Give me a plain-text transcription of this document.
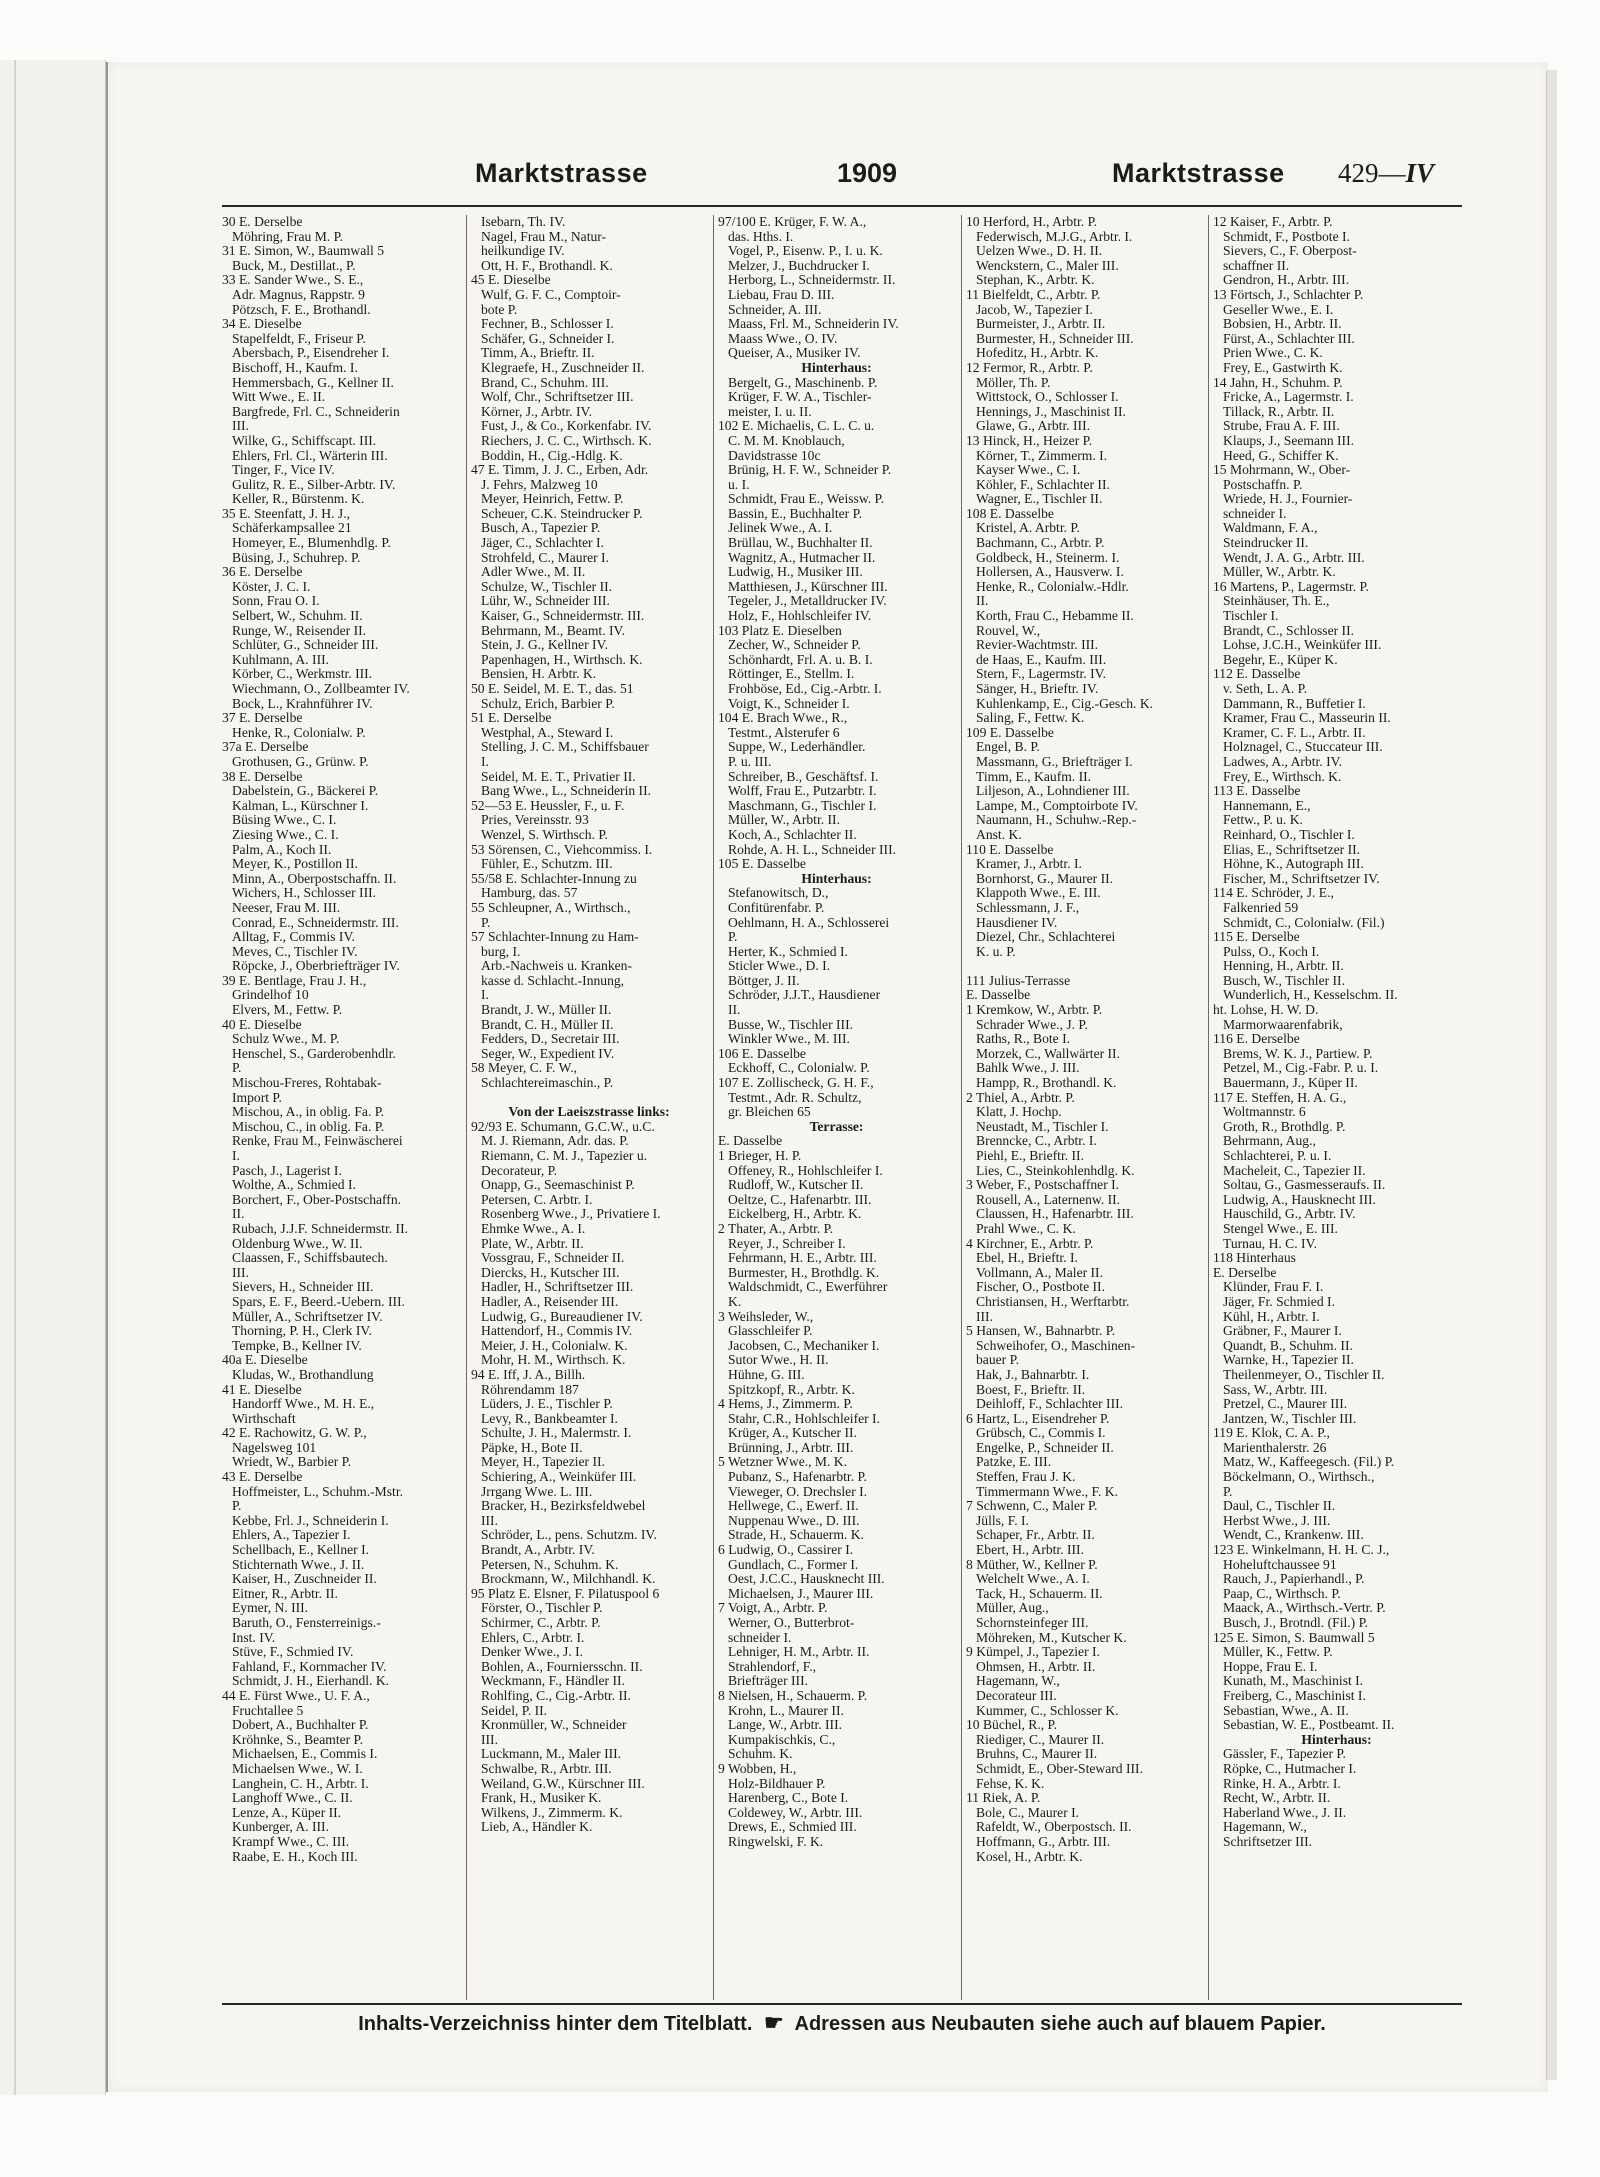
Marktstrasse	1909	Marktstrasse 429—IV
30 E. Derselbe
Möhring, Frau M. P.
31 E. Simon, W., Baumwall 5
Buck, M., Destillat., P.
33 E. Sander Wwe., S. E.,
Adr. Magnus, Rappstr. 9
Pötzsch, F. E., Brothandl.
34 E. Dieselbe
Stapelfeldt, F., Friseur P.
Abersbach, P., Eisendreher I.
Bischoff, H., Kaufm. I.
Hemmersbach, G., Kellner II.
Witt Wwe., E. II.
Bargfrede, Frl. C., Schneiderin
III.
Wilke, G., Schiffscapt. III.
Ehlers, Frl. Cl., Wärterin III.
Tinger, F., Vice IV.
Gulitz, R. E., Silber-Arbtr. IV.
Keller, R., Bürstenm. K.
35 E. Steenfatt, J. H. J.,
Schäferkampsallee 21
Homeyer, E., Blumenhdlg. P.
Büsing, J., Schuhrep. P.
36 E. Derselbe
Köster, J. C. I.
Sonn, Frau O. I.
Selbert, W., Schuhm. II.
Runge, W., Reisender II.
Schlüter, G., Schneider III.
Kuhlmann, A. III.
Körber, C., Werkmstr. III.
Wiechmann, O., Zollbeamter IV.
Bock, L., Krahnführer IV.
37 E. Derselbe
Henke, R., Colonialw. P.
37a E. Derselbe
Grothusen, G., Grünw. P.
38 E. Derselbe
Dabelstein, G., Bäckerei P.
Kalman, L., Kürschner I.
Büsing Wwe., C. I.
Ziesing Wwe., C. I.
Palm, A., Koch II.
Meyer, K., Postillon II.
Minn, A., Oberpostschaffn. II.
Wichers, H., Schlosser III.
Neeser, Frau M. III.
Conrad, E., Schneidermstr. III.
Alltag, F., Commis IV.
Meves, C., Tischler IV.
Röpcke, J., Oberbriefträger IV.
39 E. Bentlage, Frau J. H.,
Grindelhof 10
Elvers, M., Fettw. P.
40 E. Dieselbe
Schulz Wwe., M. P.
Henschel, S., Garderobenhdlr.
P.
Mischou-Freres, Rohtabak-
Import P.
Mischou, A., in oblig. Fa. P.
Mischou, C., in oblig. Fa. P.
Renke, Frau M., Feinwäscherei
I.
Pasch, J., Lagerist I.
Wolthe, A., Schmied I.
Borchert, F., Ober-Postschaffn.
II.
Rubach, J.J.F. Schneidermstr. II.
Oldenburg Wwe., W. II.
Claassen, F., Schiffsbautech.
III.
Sievers, H., Schneider III.
Spars, E. F., Beerd.-Uebern. III.
Müller, A., Schriftsetzer IV.
Thorning, P. H., Clerk IV.
Tempke, B., Kellner IV.
40a E. Dieselbe
Kludas, W., Brothandlung
41 E. Dieselbe
Handorff Wwe., M. H. E.,
Wirthschaft
42 E. Rachowitz, G. W. P.,
Nagelsweg 101
Wriedt, W., Barbier P.
43 E. Derselbe
Hoffmeister, L., Schuhm.-Mstr.
P.
Kebbe, Frl. J., Schneiderin I.
Ehlers, A., Tapezier I.
Schellbach, E., Kellner I.
Stichternath Wwe., J. II.
Kaiser, H., Zuschneider II.
Eitner, R., Arbtr. II.
Eymer, N. III.
Baruth, O., Fensterreinigs.-
Inst. IV.
Stüve, F., Schmied IV.
Fahland, F., Kornmacher IV.
Schmidt, J. H., Eierhandl. K.
44 E. Fürst Wwe., U. F. A.,
Fruchtallee 5
Dobert, A., Buchhalter P.
Kröhnke, S., Beamter P.
Michaelsen, E., Commis I.
Michaelsen Wwe., W. I.
Langhein, C. H., Arbtr. I.
Langhoff Wwe., C. II.
Lenze, A., Küper II.
Kunberger, A. III.
Krampf Wwe., C. III.
Raabe, E. H., Koch III.
Isebarn, Th. IV.
Nagel, Frau M., Natur-
heilkundige IV.
Ott, H. F., Brothandl. K.
45 E. Dieselbe
Wulf, G. F. C., Comptoir-
bote P.
Fechner, B., Schlosser I.
Schäfer, G., Schneider I.
Timm, A., Brieftr. II.
Klegraefe, H., Zuschneider II.
Brand, C., Schuhm. III.
Wolf, Chr., Schriftsetzer III.
Körner, J., Arbtr. IV.
Fust, J., & Co., Korkenfabr. IV.
Riechers, J. C. C., Wirthsch. K.
Boddin, H., Cig.-Hdlg. K.
47 E. Timm, J. J. C., Erben, Adr.
J. Fehrs, Malzweg 10
Meyer, Heinrich, Fettw. P.
Scheuer, C.K. Steindrucker P.
Busch, A., Tapezier P.
Jäger, C., Schlachter I.
Strohfeld, C., Maurer I.
Adler Wwe., M. II.
Schulze, W., Tischler II.
Lühr, W., Schneider III.
Kaiser, G., Schneidermstr. III.
Behrmann, M., Beamt. IV.
Stein, J. G., Kellner IV.
Papenhagen, H., Wirthsch. K.
Bensien, H. Arbtr. K.
50 E. Seidel, M. E. T., das. 51
Schulz, Erich, Barbier P.
51 E. Derselbe
Westphal, A., Steward I.
Stelling, J. C. M., Schiffsbauer
I.
Seidel, M. E. T., Privatier II.
Bang Wwe., L., Schneiderin II.
52—53 E. Heussler, F., u. F.
Pries, Vereinsstr. 93
Wenzel, S. Wirthsch. P.
53 Sörensen, C., Viehcommiss. I.
Fühler, E., Schutzm. III.
55/58 E. Schlachter-Innung zu
Hamburg, das. 57
55 Schleupner, A., Wirthsch.,
P.
57 Schlachter-Innung zu Ham-
burg, I.
Arb.-Nachweis u. Kranken-
kasse d. Schlacht.-Innung,
I.
Brandt, J. W., Müller II.
Brandt, C. H., Müller II.
Fedders, D., Secretair III.
Seger, W., Expedient IV.
58 Meyer, C. F. W.,
Schlachtereimaschin., P.
Von der Laeiszstrasse links:
92/93 E. Schumann, G.C.W., u.C.
M. J. Riemann, Adr. das. P.
Riemann, C. M. J., Tapezier u.
Decorateur, P.
Onapp, G., Seemaschinist P.
Petersen, C. Arbtr. I.
Rosenberg Wwe., J., Privatiere I.
Ehmke Wwe., A. I.
Plate, W., Arbtr. II.
Vossgrau, F., Schneider II.
Diercks, H., Kutscher III.
Hadler, H., Schriftsetzer III.
Hadler, A., Reisender III.
Ludwig, G., Bureaudiener IV.
Hattendorf, H., Commis IV.
Meier, J. H., Colonialw. K.
Mohr, H. M., Wirthsch. K.
94 E. Iff, J. A., Billh.
Röhrendamm 187
Lüders, J. E., Tischler P.
Levy, R., Bankbeamter I.
Schulte, J. H., Malermstr. I.
Päpke, H., Bote II.
Meyer, H., Tapezier II.
Schiering, A., Weinküfer III.
Jrrgang Wwe. L. III.
Bracker, H., Bezirksfeldwebel
III.
Schröder, L., pens. Schutzm. IV.
Brandt, A., Arbtr. IV.
Petersen, N., Schuhm. K.
Brockmann, W., Milchhandl. K.
95 Platz E. Elsner, F. Pilatuspool 6
Förster, O., Tischler P.
Schirmer, C., Arbtr. P.
Ehlers, C., Arbtr. I.
Denker Wwe., J. I.
Bohlen, A., Fourniersschn. II.
Weckmann, F., Händler II.
Rohlfing, C., Cig.-Arbtr. II.
Seidel, P. II.
Kronmüller, W., Schneider
III.
Luckmann, M., Maler III.
Schwalbe, R., Arbtr. III.
Weiland, G.W., Kürschner III.
Frank, H., Musiker K.
Wilkens, J., Zimmerm. K.
Lieb, A., Händler K.
97/100 E. Krüger, F. W. A.,
das. Hths. I.
Vogel, P., Eisenw. P., I. u. K.
Melzer, J., Buchdrucker I.
Herborg, L., Schneidermstr. II.
Liebau, Frau D. III.
Schneider, A. III.
Maass, Frl. M., Schneiderin IV.
Maass Wwe., O. IV.
Queiser, A., Musiker IV.
Hinterhaus:
Bergelt, G., Maschinenb. P.
Krüger, F. W. A., Tischler-
meister, I. u. II.
102 E. Michaelis, C. L. C. u.
C. M. M. Knoblauch,
Davidstrasse 10c
Brünig, H. F. W., Schneider P.
u. I.
Schmidt, Frau E., Weissw. P.
Bassin, E., Buchhalter P.
Jelinek Wwe., A. I.
Brüllau, W., Buchhalter II.
Wagnitz, A., Hutmacher II.
Ludwig, H., Musiker III.
Matthiesen, J., Kürschner III.
Tegeler, J., Metalldrucker IV.
Holz, F., Hohlschleifer IV.
103 Platz E. Dieselben
Zecher, W., Schneider P.
Schönhardt, Frl. A. u. B. I.
Röttinger, E., Stellm. I.
Frohböse, Ed., Cig.-Arbtr. I.
Voigt, K., Schneider I.
104 E. Brach Wwe., R.,
Testmt., Alsterufer 6
Suppe, W., Lederhändler.
P. u. III.
Schreiber, B., Geschäftsf. I.
Wolff, Frau E., Putzarbtr. I.
Maschmann, G., Tischler I.
Müller, W., Arbtr. II.
Koch, A., Schlachter II.
Rohde, A. H. L., Schneider III.
105 E. Dasselbe
Hinterhaus:
Stefanowitsch, D.,
Confitürenfabr. P.
Oehlmann, H. A., Schlosserei
P.
Herter, K., Schmied I.
Sticler Wwe., D. I.
Böttger, J. II.
Schröder, J.J.T., Hausdiener
II.
Busse, W., Tischler III.
Winkler Wwe., M. III.
106 E. Dasselbe
Eckhoff, C., Colonialw. P.
107 E. Zollischeck, G. H. F.,
Testmt., Adr. R. Schultz,
gr. Bleichen 65
Terrasse:
E. Dasselbe
1 Brieger, H. P.
Offeney, R., Hohlschleifer I.
Rudloff, W., Kutscher II.
Oeltze, C., Hafenarbtr. III.
Eickelberg, H., Arbtr. K.
2 Thater, A., Arbtr. P.
Reyer, J., Schreiber I.
Fehrmann, H. E., Arbtr. III.
Burmester, H., Brothdlg. K.
Waldschmidt, C., Ewerführer
K.
3 Weihsleder, W.,
Glasschleifer P.
Jacobsen, C., Mechaniker I.
Sutor Wwe., H. II.
Hühne, G. III.
Spitzkopf, R., Arbtr. K.
4 Hems, J., Zimmerm. P.
Stahr, C.R., Hohlschleifer I.
Krüger, A., Kutscher II.
Brünning, J., Arbtr. III.
5 Wetzner Wwe., M. K.
Pubanz, S., Hafenarbtr. P.
Vieweger, O. Drechsler I.
Hellwege, C., Ewerf. II.
Nuppenau Wwe., D. III.
Strade, H., Schauerm. K.
6 Ludwig, O., Cassirer I.
Gundlach, C., Former I.
Oest, J.C.C., Hausknecht III.
Michaelsen, J., Maurer III.
7 Voigt, A., Arbtr. P.
Werner, O., Butterbrot-
schneider I.
Lehniger, H. M., Arbtr. II.
Strahlendorf, F.,
Briefträger III.
8 Nielsen, H., Schauerm. P.
Krohn, L., Maurer II.
Lange, W., Arbtr. III.
Kumpakischkis, C.,
Schuhm. K.
9 Wobben, H.,
Holz-Bildhauer P.
Harenberg, C., Bote I.
Coldewey, W., Arbtr. III.
Drews, E., Schmied III.
Ringwelski, F. K.
10 Herford, H., Arbtr. P.
Federwisch, M.J.G., Arbtr. I.
Uelzen Wwe., D. H. II.
Wenckstern, C., Maler III.
Stephan, K., Arbtr. K.
11 Bielfeldt, C., Arbtr. P.
Jacob, W., Tapezier I.
Burmeister, J., Arbtr. II.
Burmester, H., Schneider III.
Hofeditz, H., Arbtr. K.
12 Fermor, R., Arbtr. P.
Möller, Th. P.
Wittstock, O., Schlosser I.
Hennings, J., Maschinist II.
Glawe, G., Arbtr. III.
13 Hinck, H., Heizer P.
Körner, T., Zimmerm. I.
Kayser Wwe., C. I.
Köhler, F., Schlachter II.
Wagner, E., Tischler II.
108 E. Dasselbe
Kristel, A. Arbtr. P.
Bachmann, C., Arbtr. P.
Goldbeck, H., Steinerm. I.
Hollersen, A., Hausverw. I.
Henke, R., Colonialw.-Hdlr.
II.
Korth, Frau C., Hebamme II.
Rouvel, W.,
Revier-Wachtmstr. III.
de Haas, E., Kaufm. III.
Stern, F., Lagermstr. IV.
Sänger, H., Brieftr. IV.
Kuhlenkamp, E., Cig.-Gesch. K.
Saling, F., Fettw. K.
109 E. Dasselbe
Engel, B. P.
Massmann, G., Briefträger I.
Timm, E., Kaufm. II.
Liljeson, A., Lohndiener III.
Lampe, M., Comptoirbote IV.
Naumann, H., Schuhw.-Rep.-
Anst. K.
110 E. Dasselbe
Kramer, J., Arbtr. I.
Bornhorst, G., Maurer II.
Klappoth Wwe., E. III.
Schlessmann, J. F.,
Hausdiener IV.
Diezel, Chr., Schlachterei
K. u. P.
111 Julius-Terrasse
E. Dasselbe
1 Kremkow, W., Arbtr. P.
Schrader Wwe., J. P.
Raths, R., Bote I.
Morzek, C., Wallwärter II.
Bahlk Wwe., J. III.
Hampp, R., Brothandl. K.
2 Thiel, A., Arbtr. P.
Klatt, J. Hochp.
Neustadt, M., Tischler I.
Brenncke, C., Arbtr. I.
Piehl, E., Brieftr. II.
Lies, C., Steinkohlenhdlg. K.
3 Weber, F., Postschaffner I.
Rousell, A., Laternenw. II.
Claussen, H., Hafenarbtr. III.
Prahl Wwe., C. K.
4 Kirchner, E., Arbtr. P.
Ebel, H., Brieftr. I.
Vollmann, A., Maler II.
Fischer, O., Postbote II.
Christiansen, H., Werftarbtr.
III.
5 Hansen, W., Bahnarbtr. P.
Schweihofer, O., Maschinen-
bauer P.
Hak, J., Bahnarbtr. I.
Boest, F., Brieftr. II.
Deihloff, F., Schlachter III.
6 Hartz, L., Eisendreher P.
Grübsch, C., Commis I.
Engelke, P., Schneider II.
Patzke, E. III.
Steffen, Frau J. K.
Timmermann Wwe., F. K.
7 Schwenn, C., Maler P.
Jülls, F. I.
Schaper, Fr., Arbtr. II.
Ebert, H., Arbtr. III.
8 Müther, W., Kellner P.
Welchelt Wwe., A. I.
Tack, H., Schauerm. II.
Müller, Aug.,
Schornsteinfeger III.
Möhreken, M., Kutscher K.
9 Kümpel, J., Tapezier I.
Ohmsen, H., Arbtr. II.
Hagemann, W.,
Decorateur III.
Kummer, C., Schlosser K.
10 Büchel, R., P.
Riediger, C., Maurer II.
Bruhns, C., Maurer II.
Schmidt, E., Ober-Steward III.
Fehse, K. K.
11 Riek, A. P.
Bole, C., Maurer I.
Rafeldt, W., Oberpostsch. II.
Hoffmann, G., Arbtr. III.
Kosel, H., Arbtr. K.
12 Kaiser, F., Arbtr. P.
Schmidt, F., Postbote I.
Sievers, C., F. Oberpost-
schaffner II.
Gendron, H., Arbtr. III.
13 Förtsch, J., Schlachter P.
Geseller Wwe., E. I.
Bobsien, H., Arbtr. II.
Fürst, A., Schlachter III.
Prien Wwe., C. K.
Frey, E., Gastwirth K.
14 Jahn, H., Schuhm. P.
Fricke, A., Lagermstr. I.
Tillack, R., Arbtr. II.
Strube, Frau A. F. III.
Klaups, J., Seemann III.
Heed, G., Schiffer K.
15 Mohrmann, W., Ober-
Postschaffn. P.
Wriede, H. J., Fournier-
schneider I.
Waldmann, F. A.,
Steindrucker II.
Wendt, J. A. G., Arbtr. III.
Müller, W., Arbtr. K.
16 Martens, P., Lagermstr. P.
Steinhäuser, Th. E.,
Tischler I.
Brandt, C., Schlosser II.
Lohse, J.C.H., Weinküfer III.
Begehr, E., Küper K.
112 E. Dasselbe
v. Seth, L. A. P.
Dammann, R., Buffetier I.
Kramer, Frau C., Masseurin II.
Kramer, C. F. L., Arbtr. II.
Holznagel, C., Stuccateur III.
Ladwes, A., Arbtr. IV.
Frey, E., Wirthsch. K.
113 E. Dasselbe
Hannemann, E.,
Fettw., P. u. K.
Reinhard, O., Tischler I.
Elias, E., Schriftsetzer II.
Höhne, K., Autograph III.
Fischer, M., Schriftsetzer IV.
114 E. Schröder, J. E.,
Falkenried 59
Schmidt, C., Colonialw. (Fil.)
115 E. Derselbe
Pulss, O., Koch I.
Henning, H., Arbtr. II.
Busch, W., Tischler II.
Wunderlich, H., Kesselschm. II.
ht. Lohse, H. W. D.
Marmorwaarenfabrik,
116 E. Derselbe
Brems, W. K. J., Partiew. P.
Petzel, M., Cig.-Fabr. P. u. I.
Bauermann, J., Küper II.
117 E. Steffen, H. A. G.,
Woltmannstr. 6
Groth, R., Brothdlg. P.
Behrmann, Aug.,
Schlachterei, P. u. I.
Macheleit, C., Tapezier II.
Soltau, G., Gasmesseraufs. II.
Ludwig, A., Hausknecht III.
Hauschild, G., Arbtr. IV.
Stengel Wwe., E. III.
Turnau, H. C. IV.
118 Hinterhaus
E. Derselbe
Klünder, Frau F. I.
Jäger, Fr. Schmied I.
Kühl, H., Arbtr. I.
Gräbner, F., Maurer I.
Quandt, B., Schuhm. II.
Warnke, H., Tapezier II.
Theilenmeyer, O., Tischler II.
Sass, W., Arbtr. III.
Pretzel, C., Maurer III.
Jantzen, W., Tischler III.
119 E. Klok, C. A. P.,
Marienthalerstr. 26
Matz, W., Kaffeegesch. (Fil.) P.
Böckelmann, O., Wirthsch.,
P.
Daul, C., Tischler II.
Herbst Wwe., J. III.
Wendt, C., Krankenw. III.
123 E. Winkelmann, H. H. C. J.,
Hoheluftchaussee 91
Rauch, J., Papierhandl., P.
Paap, C., Wirthsch. P.
Maack, A., Wirthsch.-Vertr. P.
Busch, J., Brotndl. (Fil.) P.
125 E. Simon, S. Baumwall 5
Müller, K., Fettw. P.
Hoppe, Frau E. I.
Kunath, M., Maschinist I.
Freiberg, C., Maschinist I.
Sebastian, Wwe., A. II.
Sebastian, W. E., Postbeamt. II.
Hinterhaus:
Gässler, F., Tapezier P.
Röpke, C., Hutmacher I.
Rinke, H. A., Arbtr. I.
Recht, W., Arbtr. II.
Haberland Wwe., J. II.
Hagemann, W.,
Schriftsetzer III.
Inhalts-Verzeichniss hinter dem Titelblatt. ☛ Adressen aus Neubauten siehe auch auf blauem Papier.
